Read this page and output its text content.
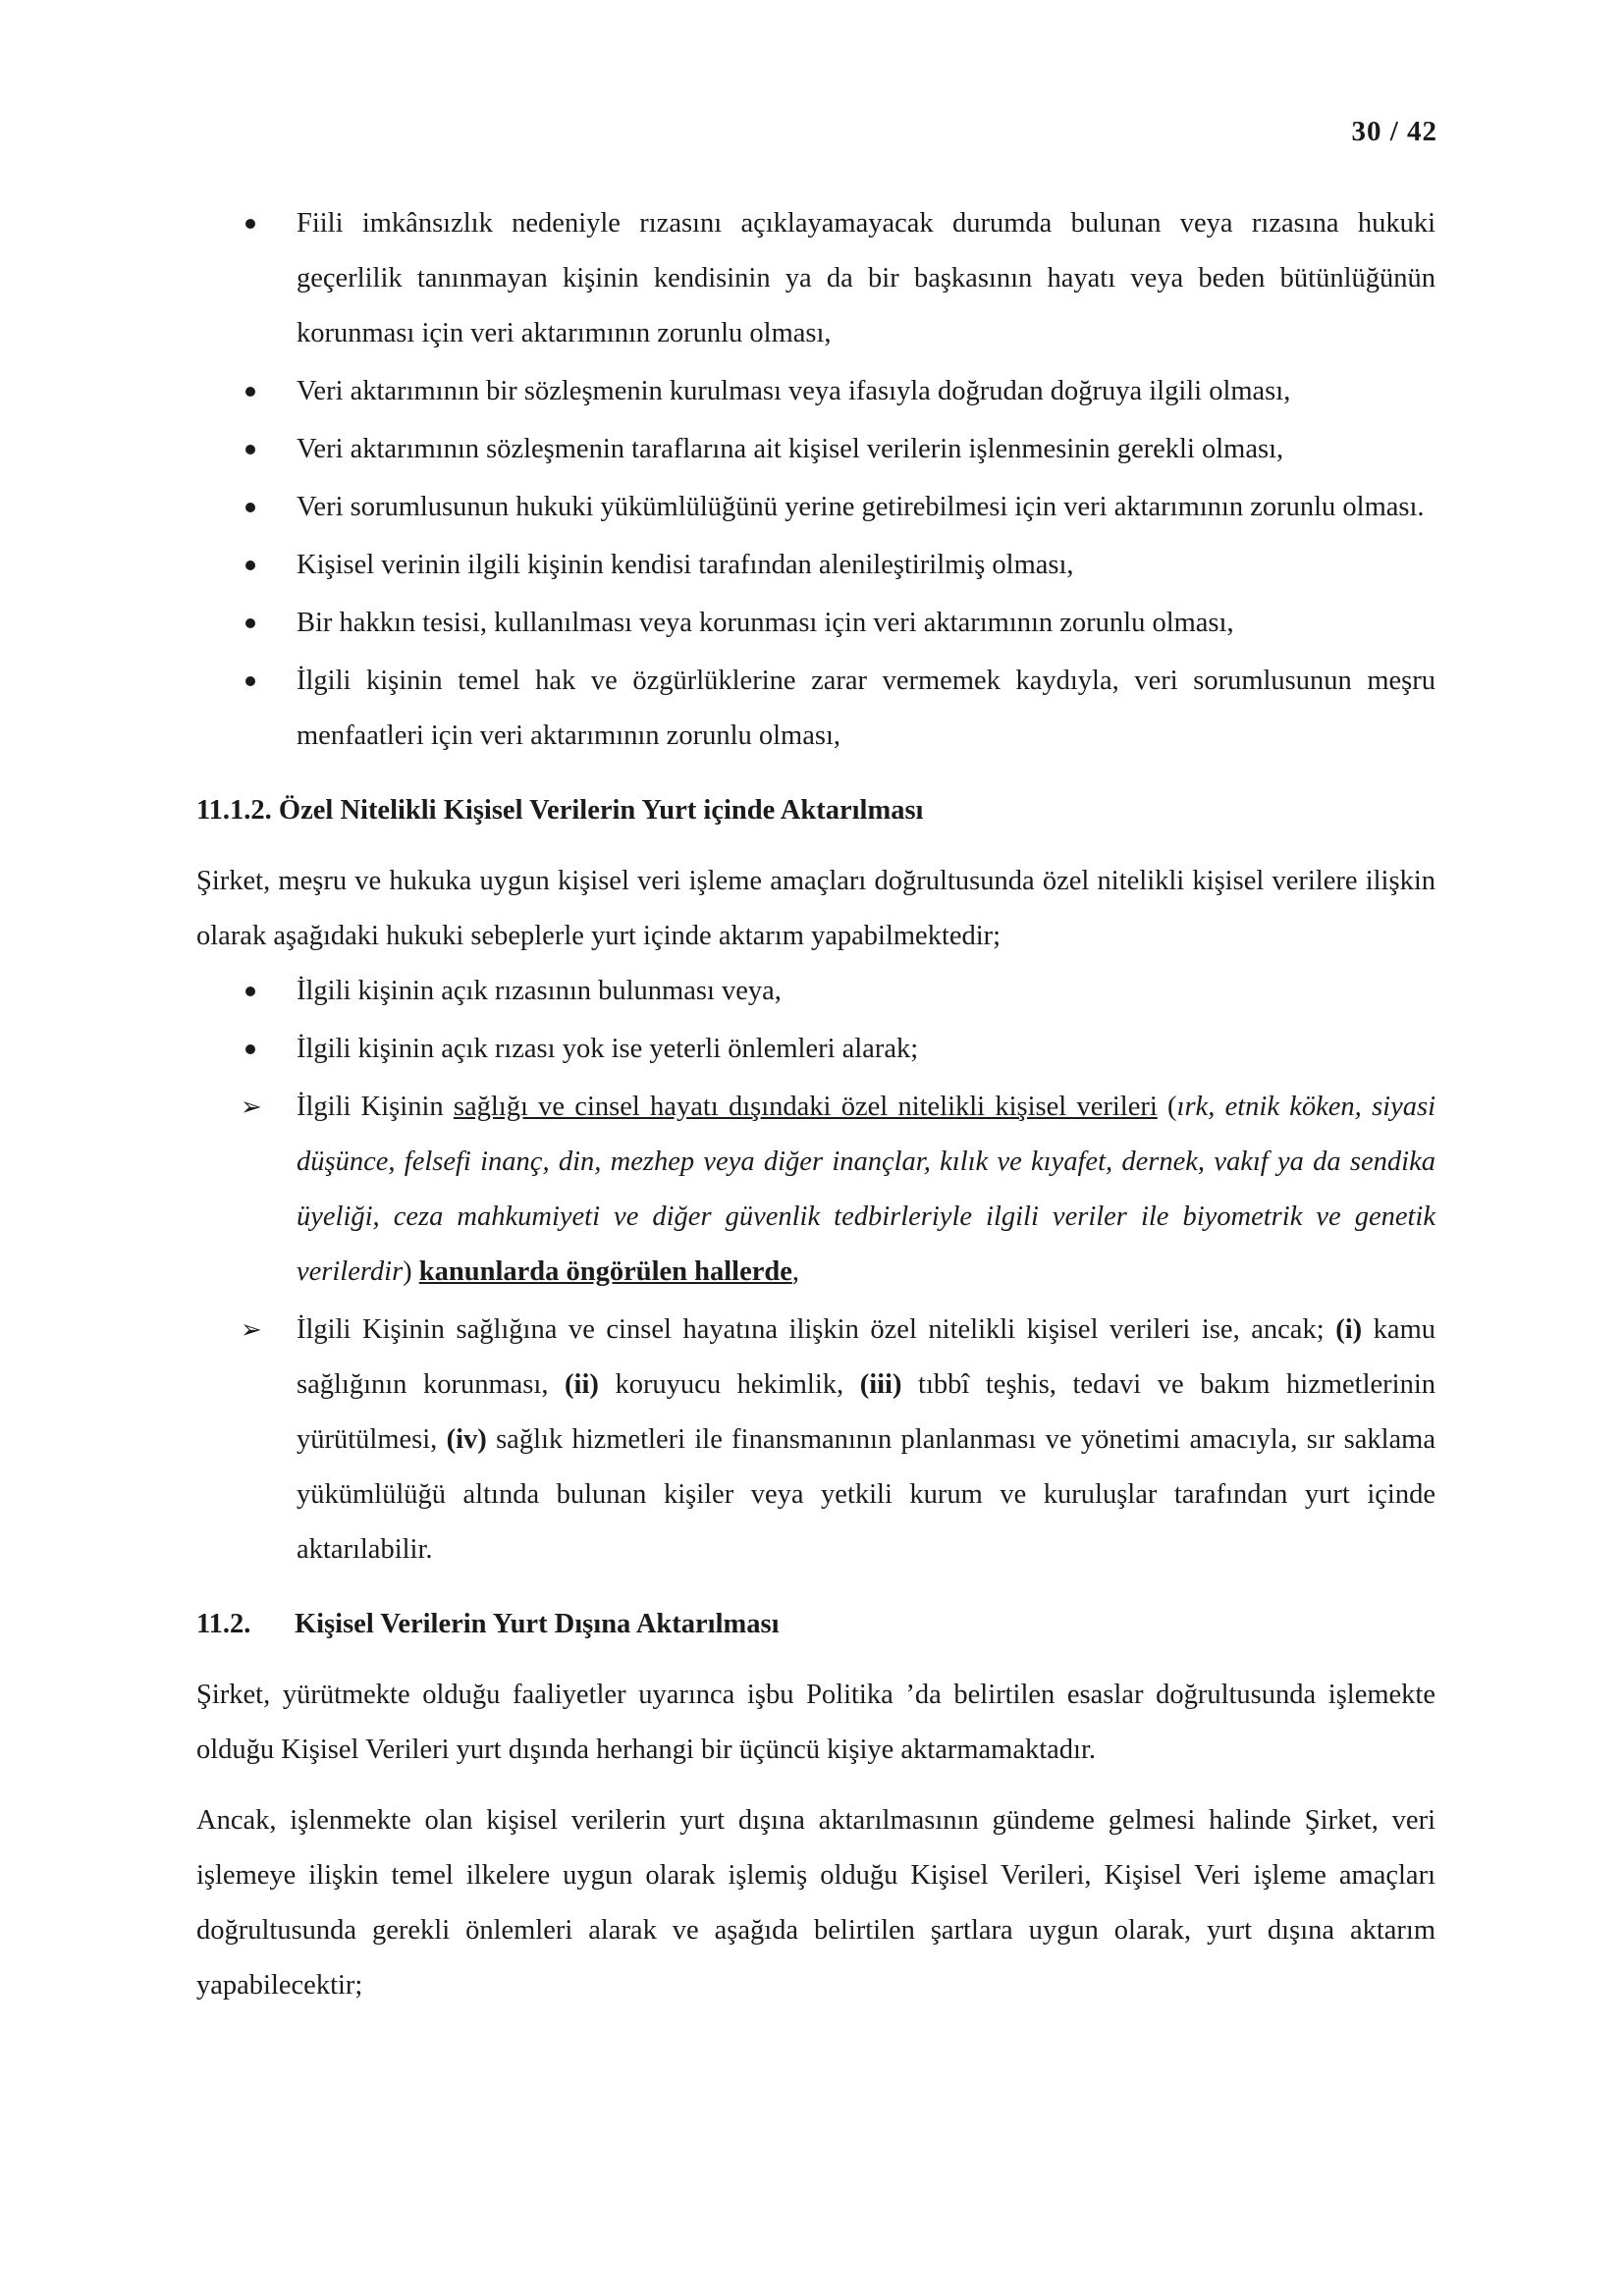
30 / 42
Fiili imkânsızlık nedeniyle rızasını açıklayamayacak durumda bulunan veya rızasına hukuki geçerlilik tanınmayan kişinin kendisinin ya da bir başkasının hayatı veya beden bütünlüğünün korunması için veri aktarımının zorunlu olması,
Veri aktarımının bir sözleşmenin kurulması veya ifasıyla doğrudan doğruya ilgili olması,
Veri aktarımının sözleşmenin taraflarına ait kişisel verilerin işlenmesinin gerekli olması,
Veri sorumlusunun hukuki yükümlülüğünü yerine getirebilmesi için veri aktarımının zorunlu olması.
Kişisel verinin ilgili kişinin kendisi tarafından alenileştirilmiş olması,
Bir hakkın tesisi, kullanılması veya korunması için veri aktarımının zorunlu olması,
İlgili kişinin temel hak ve özgürlüklerine zarar vermemek kaydıyla, veri sorumlusunun meşru menfaatleri için veri aktarımının zorunlu olması,
11.1.2. Özel Nitelikli Kişisel Verilerin Yurt içinde Aktarılması
Şirket, meşru ve hukuka uygun kişisel veri işleme amaçları doğrultusunda özel nitelikli kişisel verilere ilişkin olarak aşağıdaki hukuki sebeplerle yurt içinde aktarım yapabilmektedir;
İlgili kişinin açık rızasının bulunması veya,
İlgili kişinin açık rızası yok ise yeterli önlemleri alarak;
➢ İlgili Kişinin sağlığı ve cinsel hayatı dışındaki özel nitelikli kişisel verileri (ırk, etnik köken, siyasi düşünce, felsefi inanç, din, mezhep veya diğer inançlar, kılık ve kıyafet, dernek, vakıf ya da sendika üyeliği, ceza mahkumiyeti ve diğer güvenlik tedbirleriyle ilgili veriler ile biyometrik ve genetik verilerdir) kanunlarda öngörülen hallerde,
➢ İlgili Kişinin sağlığına ve cinsel hayatına ilişkin özel nitelikli kişisel verileri ise, ancak; (i) kamu sağlığının korunması, (ii) koruyucu hekimlik, (iii) tıbbî teşhis, tedavi ve bakım hizmetlerinin yürütülmesi, (iv) sağlık hizmetleri ile finansmanının planlanması ve yönetimi amacıyla, sır saklama yükümlülüğü altında bulunan kişiler veya yetkili kurum ve kuruluşlar tarafından yurt içinde aktarılabilir.
11.2. Kişisel Verilerin Yurt Dışına Aktarılması
Şirket, yürütmekte olduğu faaliyetler uyarınca işbu Politika ’da belirtilen esaslar doğrultusunda işlemekte olduğu Kişisel Verileri yurt dışında herhangi bir üçüncü kişiye aktarmamaktadır.
Ancak, işlenmekte olan kişisel verilerin yurt dışına aktarılmasının gündeme gelmesi halinde Şirket, veri işlemeye ilişkin temel ilkelere uygun olarak işlemiş olduğu Kişisel Verileri, Kişisel Veri işleme amaçları doğrultusunda gerekli önlemleri alarak ve aşağıda belirtilen şartlara uygun olarak, yurt dışına aktarım yapabilecektir;
